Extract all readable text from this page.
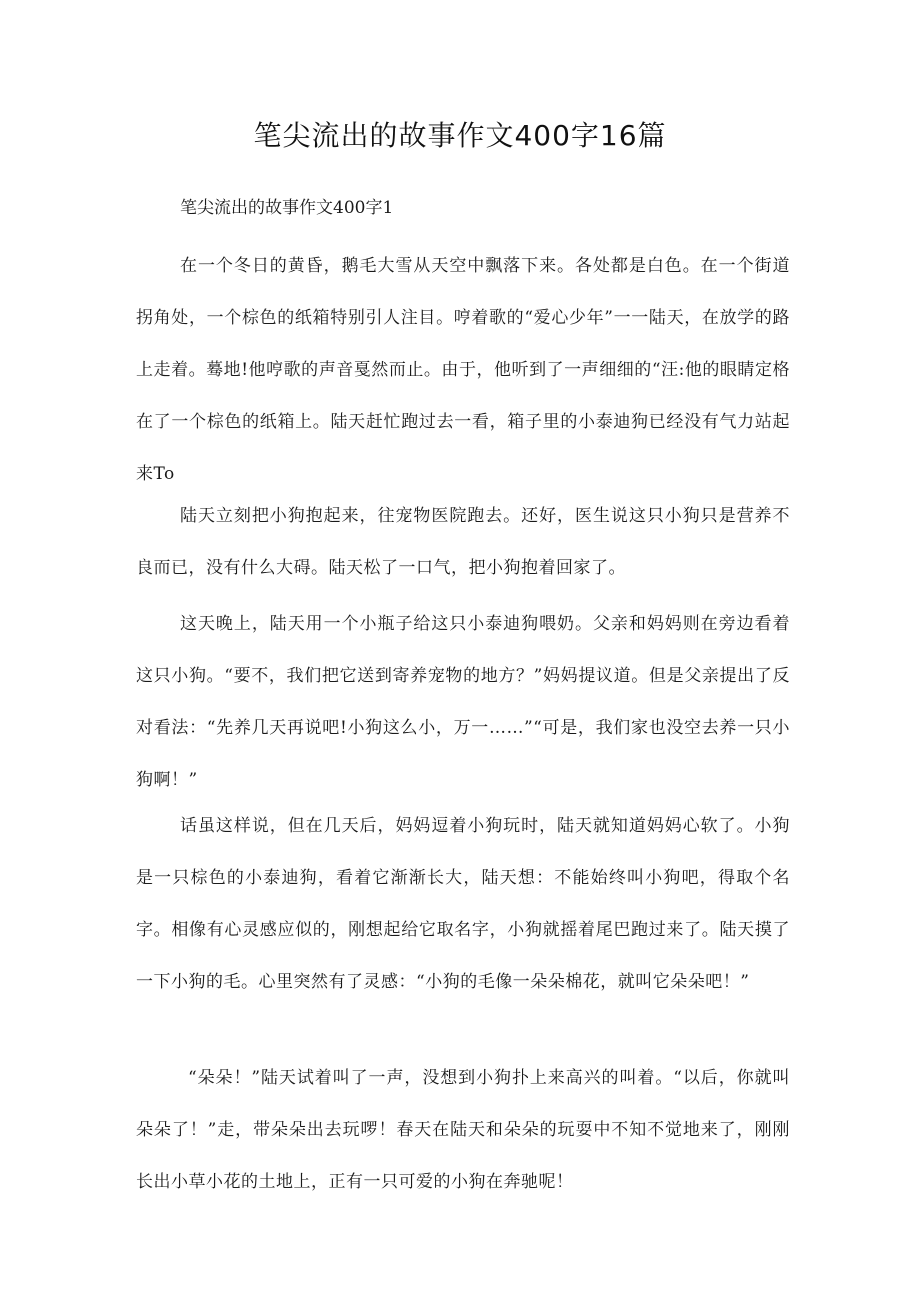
笔尖流出的故事作文400字16篇

笔尖流出的故事作文400字1

在一个冬日的黄昏，鹅毛大雪从天空中飘落下来。各处都是白色。在一个街道拐角处，一个棕色的纸箱特别引人注目。哼着歌的“爱心少年”一一陆天，在放学的路上走着。蓦地!他哼歌的声音戛然而止。由于，他听到了一声细细的“汪:他的眼睛定格在了一个棕色的纸箱上。陆天赶忙跑过去一看，箱子里的小泰迪狗已经没有气力站起来To

陆天立刻把小狗抱起来，往宠物医院跑去。还好，医生说这只小狗只是营养不良而已，没有什么大碍。陆天松了一口气，把小狗抱着回家了。

这天晚上，陆天用一个小瓶子给这只小泰迪狗喂奶。父亲和妈妈则在旁边看着这只小狗。“要不，我们把它送到寄养宠物的地方？”妈妈提议道。但是父亲提出了反对看法：“先养几天再说吧!小狗这么小，万一……”“可是，我们家也没空去养一只小狗啊！”

话虽这样说，但在几天后，妈妈逗着小狗玩时，陆天就知道妈妈心软了。小狗是一只棕色的小泰迪狗，看着它渐渐长大，陆天想：不能始终叫小狗吧，得取个名字。相像有心灵感应似的，刚想起给它取名字，小狗就摇着尾巴跑过来了。陆天摸了一下小狗的毛。心里突然有了灵感：“小狗的毛像一朵朵棉花，就叫它朵朵吧！”

“朵朵！”陆天试着叫了一声，没想到小狗扑上来高兴的叫着。“以后，你就叫朵朵了！”走，带朵朵出去玩啰！春天在陆天和朵朵的玩耍中不知不觉地来了，刚刚长出小草小花的土地上，正有一只可爱的小狗在奔驰呢！
